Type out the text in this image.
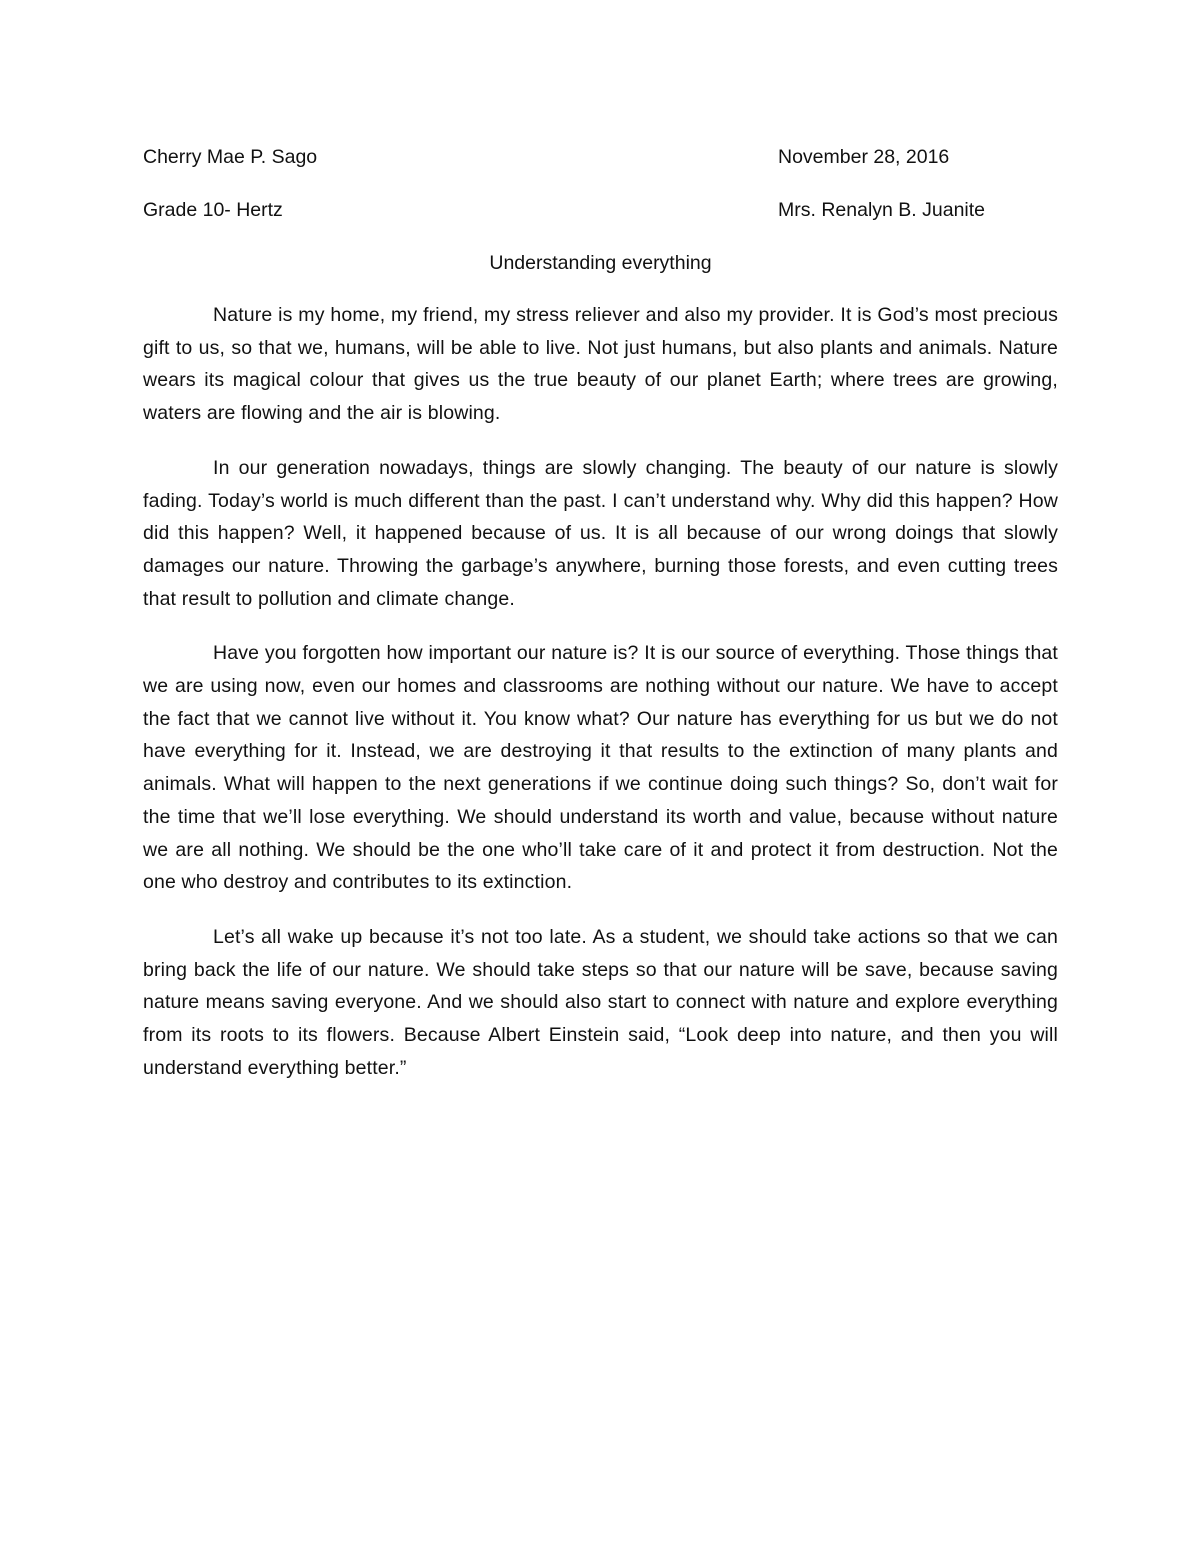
Cherry Mae P. Sago	November 28, 2016
Grade 10- Hertz	Mrs. Renalyn B. Juanite
Understanding everything

Nature is my home, my friend, my stress reliever and also my provider. It is God’s most precious gift to us, so that we, humans, will be able to live. Not just humans, but also plants and animals. Nature wears its magical colour that gives us the true beauty of our planet Earth; where trees are growing, waters are flowing and the air is blowing.

In our generation nowadays, things are slowly changing. The beauty of our nature is slowly fading. Today’s world is much different than the past. I can’t understand why. Why did this happen? How did this happen? Well, it happened because of us. It is all because of our wrong doings that slowly damages our nature. Throwing the garbage’s anywhere, burning those forests, and even cutting trees that result to pollution and climate change.

Have you forgotten how important our nature is? It is our source of everything. Those things that we are using now, even our homes and classrooms are nothing without our nature. We have to accept the fact that we cannot live without it. You know what? Our nature has everything for us but we do not have everything for it. Instead, we are destroying it that results to the extinction of many plants and animals. What will happen to the next generations if we continue doing such things? So, don’t wait for the time that we’ll lose everything. We should understand its worth and value, because without nature we are all nothing. We should be the one who’ll take care of it and protect it from destruction. Not the one who destroy and contributes to its extinction.

Let’s all wake up because it’s not too late. As a student, we should take actions so that we can bring back the life of our nature. We should take steps so that our nature will be save, because saving nature means saving everyone. And we should also start to connect with nature and explore everything from its roots to its flowers. Because Albert Einstein said, “Look deep into nature, and then you will understand everything better.”
